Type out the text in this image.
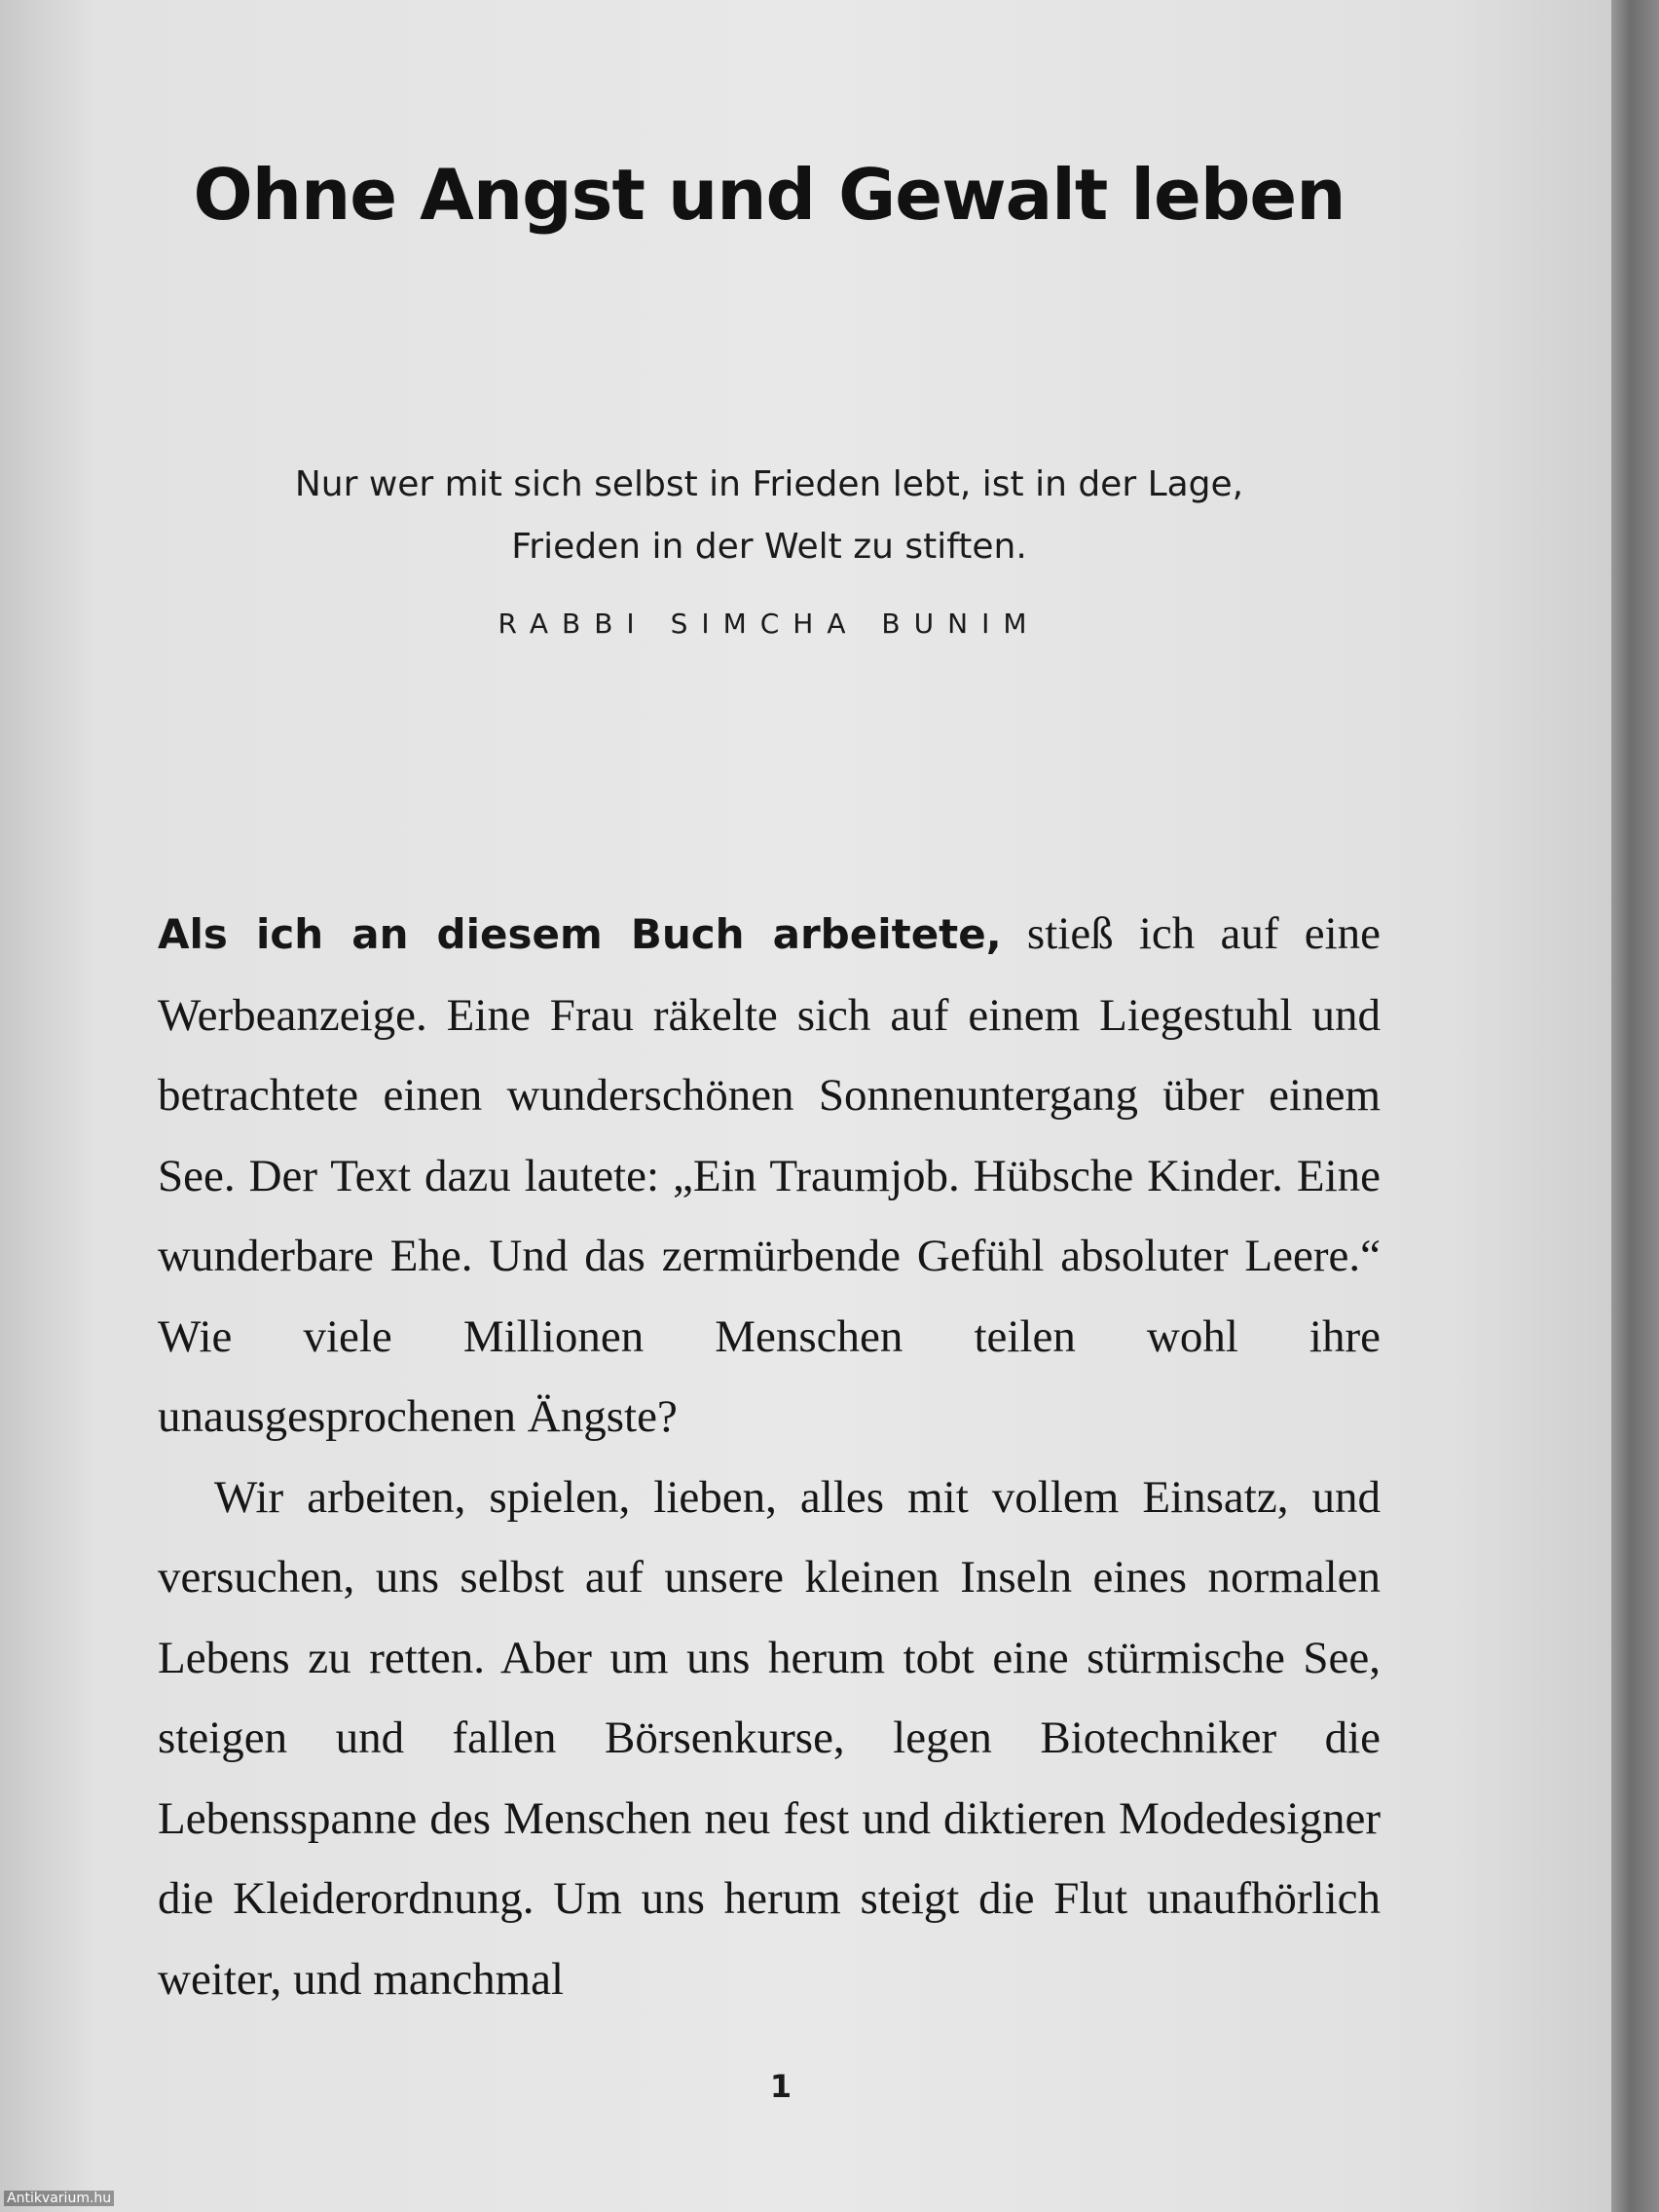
Ohne Angst und Gewalt leben
Nur wer mit sich selbst in Frieden lebt, ist in der Lage,
Frieden in der Welt zu stiften.
RABBI SIMCHA BUNIM

Als ich an diesem Buch arbeitete, stieß ich auf eine Werbeanzeige. Eine Frau räkelte sich auf einem Liegestuhl und betrachtete einen wunderschönen Sonnenuntergang über einem See. Der Text dazu lautete: „Ein Traumjob. Hübsche Kinder. Eine wunderbare Ehe. Und das zermürbende Gefühl absoluter Leere.“ Wie viele Millionen Menschen teilen wohl ihre unausgesprochenen Ängste?

Wir arbeiten, spielen, lieben, alles mit vollem Einsatz, und versuchen, uns selbst auf unsere kleinen Inseln eines normalen Lebens zu retten. Aber um uns herum tobt eine stürmische See, steigen und fallen Börsenkurse, legen Biotechniker die Lebensspanne des Menschen neu fest und diktieren Modedesigner die Kleiderordnung. Um uns herum steigt die Flut unaufhörlich weiter, und manchmal

1
Antikvarium.hu
